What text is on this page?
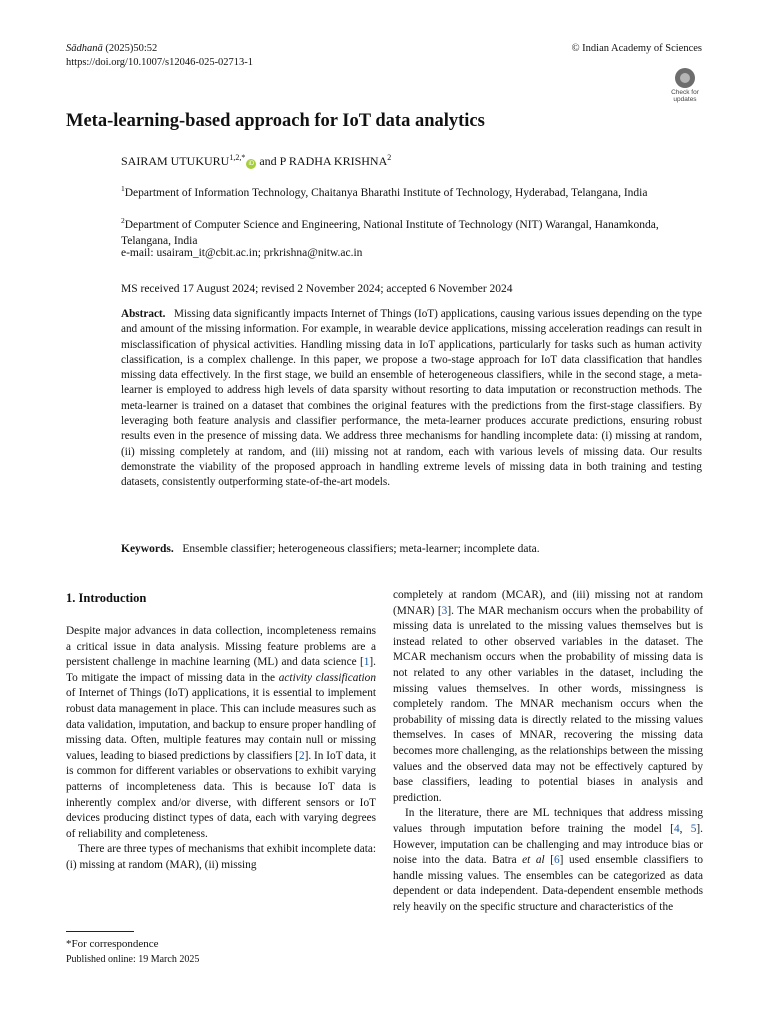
Sādhanā (2025)50:52
https://doi.org/10.1007/s12046-025-02713-1
© Indian Academy of Sciences
Check for
updates
Meta-learning-based approach for IoT data analytics
SAIRAM $UTUKURU^{1,2,*}iD$ and P RADHA KRISHNA$^2$
$^1$Department of Information Technology, Chaitanya Bharathi Institute of Technology, Hyderabad, Telangana, India
$^2$Department of Computer Science and Engineering, National Institute of Technology (NIT) Warangal, Hanamkonda, Telangana, India
e-mail: usairam_it@cbit.ac.in; prkrishna@nitw.ac.in
MS received 17 August 2024; revised 2 November 2024; accepted 6 November 2024
Abstract. Missing data significantly impacts Internet of Things (IoT) applications, causing various issues depending on the type and amount of the missing information. For example, in wearable device applications, missing acceleration readings can result in misclassification of physical activities. Handling missing data in IoT applications, particularly for tasks such as human activity classification, is a complex challenge. In this paper, we propose a two-stage approach for IoT data classification that handles missing data effectively. In the first stage, we build an ensemble of heterogeneous classifiers, while in the second stage, a meta-learner is employed to address high levels of data sparsity without resorting to data imputation or reconstruction methods. The meta-learner is trained on a dataset that combines the original features with the predictions from the first-stage classifiers. By leveraging both feature analysis and classifier performance, the meta-learner produces accurate predictions, ensuring robust results even in the presence of missing data. We address three mechanisms for handling incomplete data: (i) missing at random, (ii) missing completely at random, and (iii) missing not at random, each with various levels of missing data. Our results demonstrate the viability of the proposed approach in handling extreme levels of missing data in both training and testing datasets, consistently outperforming state-of-the-art models.
Keywords. Ensemble classifier; heterogeneous classifiers; meta-learner; incomplete data.
1. Introduction

Despite major advances in data collection, incompleteness remains a critical issue in data analysis. Missing feature problems are a persistent challenge in machine learning (ML) and data science [1]. To mitigate the impact of missing data in the activity classification of Internet of Things (IoT) applications, it is essential to implement robust data management in place. This can include measures such as data validation, imputation, and backup to ensure proper handling of missing data. Often, multiple features may contain null or missing values, leading to biased predictions by classifiers [2]. In IoT data, it is common for different variables or observations to exhibit varying patterns of incompleteness data. This is because IoT data is inherently complex and/or diverse, with different sensors or IoT devices producing distinct types of data, each with varying degrees of reliability and completeness.

There are three types of mechanisms that exhibit incomplete data: (i) missing at random (MAR), (ii) missing

completely at random (MCAR), and (iii) missing not at random (MNAR) [3]. The MAR mechanism occurs when the probability of missing data is unrelated to the missing values themselves but is instead related to other observed variables in the dataset. The MCAR mechanism occurs when the probability of missing data is not related to any other variables in the dataset, including the missing values themselves. In other words, missingness is completely random. The MNAR mechanism occurs when the probability of missing data is directly related to the missing values themselves. In cases of MNAR, recovering the missing data becomes more challenging, as the relationships between the missing values and the observed data may not be effectively captured by base classifiers, leading to potential biases in analysis and prediction.

In the literature, there are ML techniques that address missing values through imputation before training the model [4, 5]. However, imputation can be challenging and may introduce bias or noise into the data. Batra et al [6] used ensemble classifiers to handle missing values. The ensembles can be categorized as data dependent or data independent. Data-dependent ensemble methods rely heavily on the specific structure and characteristics of the

*For correspondence
Published online: 19 March 2025
